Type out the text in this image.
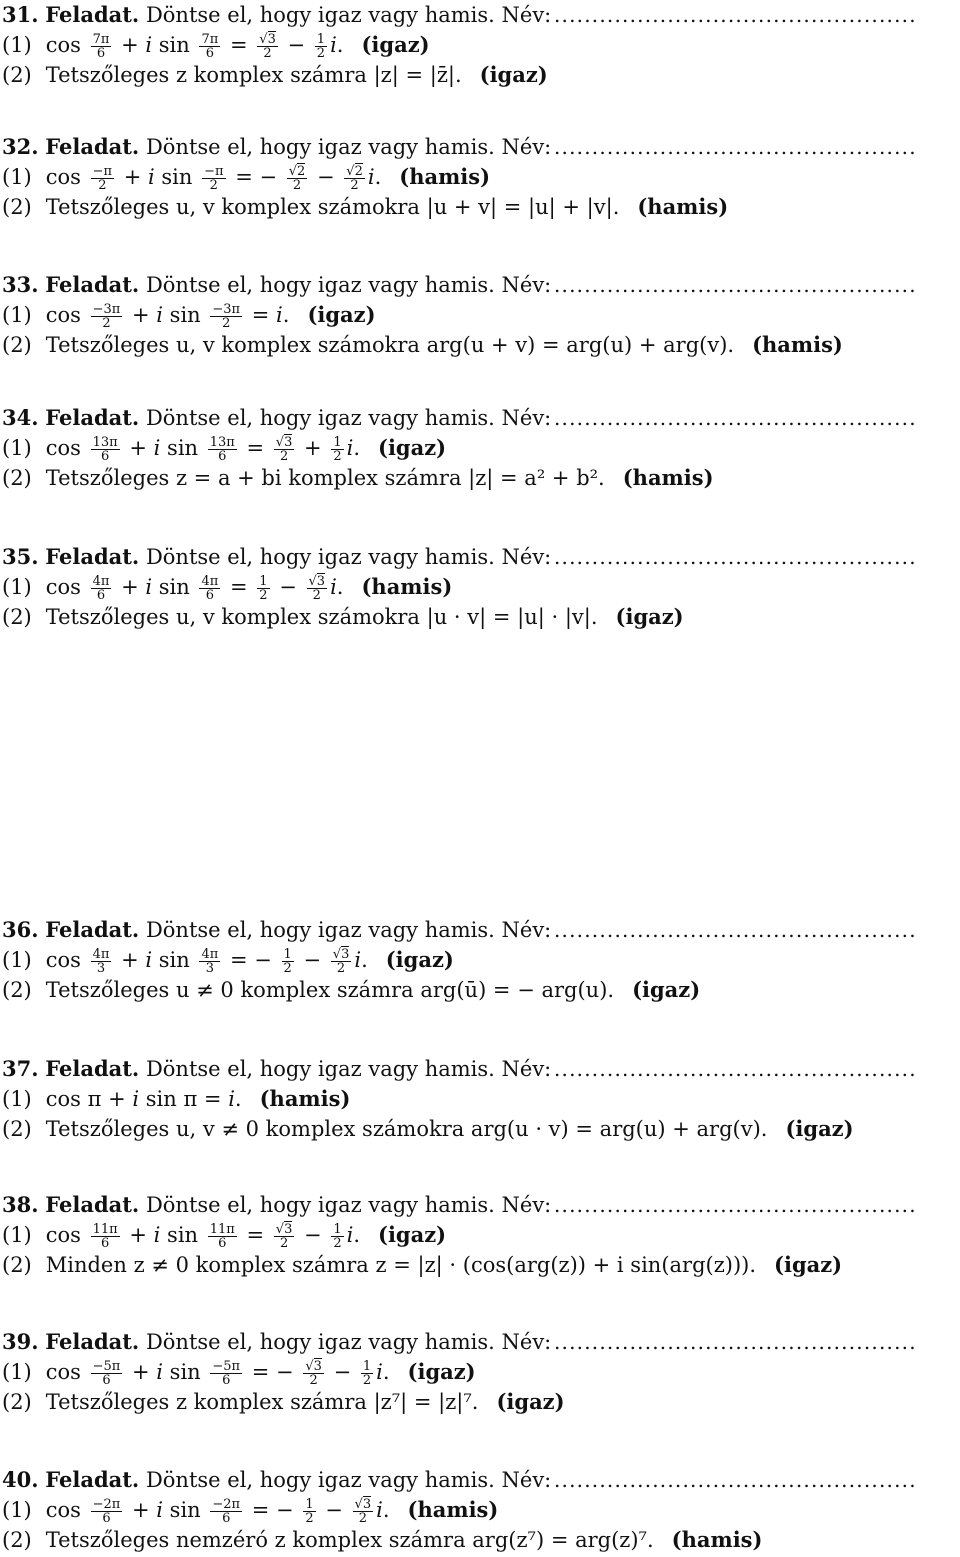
31. Feladat. Döntse el, hogy igaz vagy hamis. Név: ................................................
(1) $\cos \frac{7\pi}{6} + i$ $\sin \frac{7\pi}{6}$ = √ $\frac{3}{2} - \frac{1}{2} i$. (igaz)
(2) Tetszőleges z komplex számra |z| = |z̄|. (igaz)
32. Feladat. Döntse el, hogy igaz vagy hamis. Név: ................................................
(1) $\cos \frac{-\pi}{2} + i$ $\sin \frac{-\pi}{2}$ = − √ $\frac{2}{2}$ − √ $\frac{2}{2} i$. (hamis)
(2) Tetszőleges u, v komplex számokra |u + v| = |u| + |v|. (hamis)
33. Feladat. Döntse el, hogy igaz vagy hamis. Név: ................................................
(1) $\cos \frac{-3\pi}{2} + i$ $\sin \frac{-3\pi}{2} = i$. (igaz)
(2) Tetszőleges u, v komplex számokra arg(u + v) = arg(u) + arg(v). (hamis)
34. Feladat. Döntse el, hogy igaz vagy hamis. Név: ................................................
(1) $\cos \frac{13\pi}{6} + i$ $\sin \frac{13\pi}{6}$ = √ $\frac{3}{2} + \frac{1}{2} i$. (igaz)
(2) Tetszőleges z = a + bi komplex számra |z| = a² + b². (hamis)
35. Feladat. Döntse el, hogy igaz vagy hamis. Név: ................................................
(1) $\cos \frac{4\pi}{6} + i$ $\sin \frac{4\pi}{6} = \frac{1}{2}$ − √ $\frac{3}{2} i$. (hamis)
(2) Tetszőleges u, v komplex számokra |u · v| = |u| · |v|. (igaz)
36. Feladat. Döntse el, hogy igaz vagy hamis. Név: ................................................
(1) $\cos \frac{4\pi}{3} + i$ $\sin \frac{4\pi}{3}$ = − $\frac{1}{2}$ − √ $\frac{3}{2} i$. (igaz)
(2) Tetszőleges u ≠ 0 komplex számra arg(ū) = − arg(u). (igaz)
37. Feladat. Döntse el, hogy igaz vagy hamis. Név: ................................................
(1) cos π + i sin π = i. (hamis)
(2) Tetszőleges u, v ≠ 0 komplex számokra arg(u · v) = arg(u) + arg(v). (igaz)
38. Feladat. Döntse el, hogy igaz vagy hamis. Név: ................................................
(1) $\cos \frac{11\pi}{6} + i$ $\sin \frac{11\pi}{6}$ = √ $\frac{3}{2} - \frac{1}{2} i$. (igaz)
(2) Minden z ≠ 0 komplex számra z = |z| · (cos(arg(z)) + i sin(arg(z))). (igaz)
39. Feladat. Döntse el, hogy igaz vagy hamis. Név: ................................................
(1) $\cos \frac{-5\pi}{6} + i$ $\sin \frac{-5\pi}{6}$ = − √ $\frac{3}{2} - \frac{1}{2} i$. (igaz)
(2) Tetszőleges z komplex számra |z⁷| = |z|⁷. (igaz)
40. Feladat. Döntse el, hogy igaz vagy hamis. Név: ................................................
(1) $\cos \frac{-2\pi}{6} + i$ $\sin \frac{-2\pi}{6}$ = − $\frac{1}{2}$ − √ $\frac{3}{2} i$. (hamis)
(2) Tetszőleges nemzéró z komplex számra arg(z⁷) = arg(z)⁷. (hamis)
